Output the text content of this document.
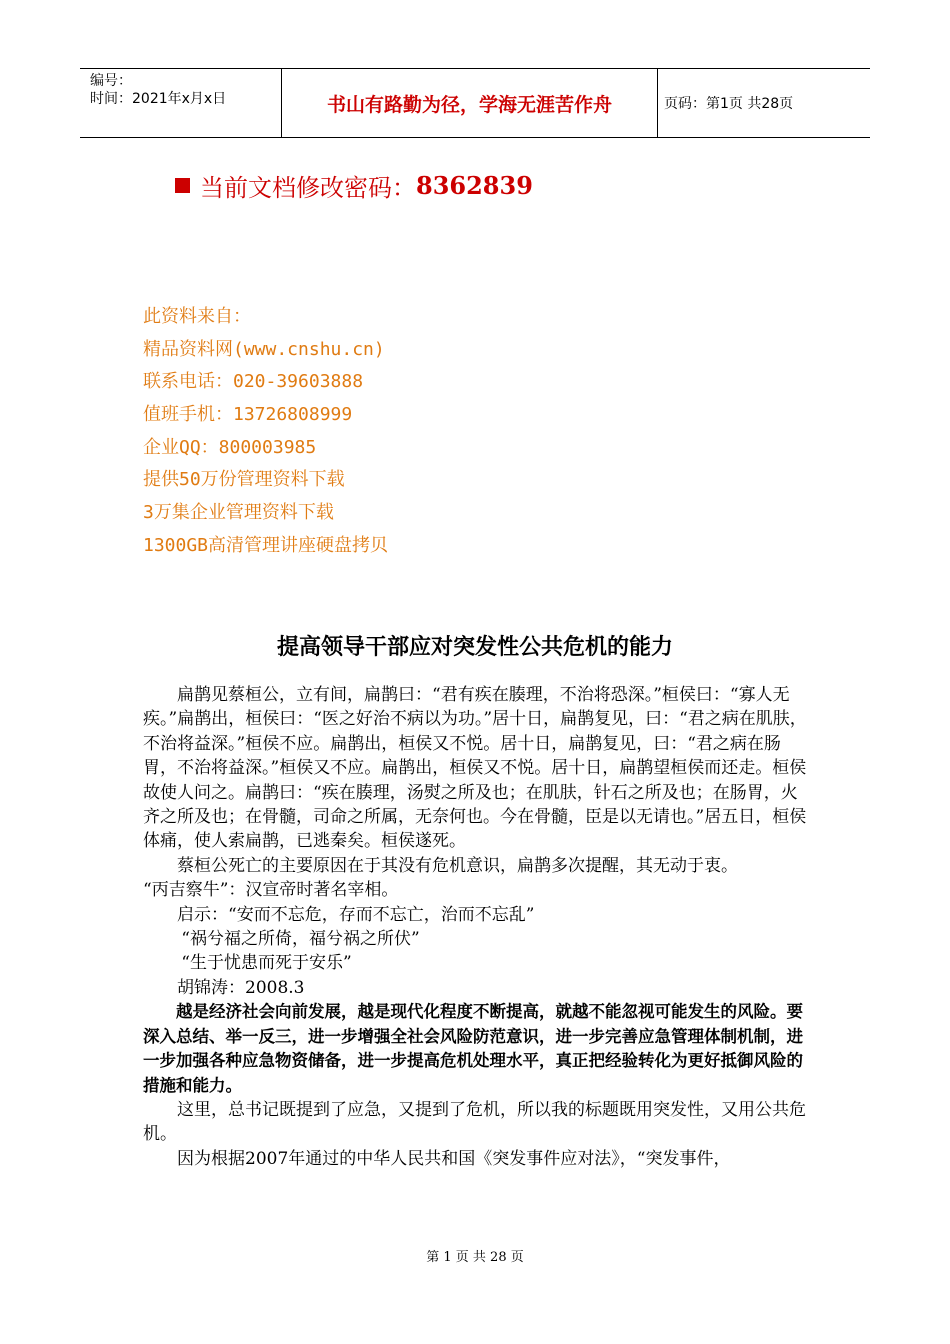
编号：
时间：2021年x月x日	书山有路勤为径，学海无涯苦作舟	页码：第1页 共28页
当前文档修改密码： 8362839
此资料来自：
精品资料网(www.cnshu.cn)
联系电话：020-39603888
值班手机：13726808999
企业QQ：800003985
提供50万份管理资料下载
3万集企业管理资料下载
1300GB高清管理讲座硬盘拷贝
提高领导干部应对突发性公共危机的能力

扁鹊见蔡桓公，立有间，扁鹊曰：“君有疾在腠理，不治将恐深。”桓侯曰：“寡人无疾。”扁鹊出，桓侯曰：“医之好治不病以为功。”居十日，扁鹊复见，曰：“君之病在肌肤，不治将益深。”桓侯不应。扁鹊出，桓侯又不悦。居十日，扁鹊复见，曰：“君之病在肠胃，不治将益深。”桓侯又不应。扁鹊出，桓侯又不悦。居十日，扁鹊望桓侯而还走。桓侯故使人问之。扁鹊曰：“疾在腠理，汤熨之所及也；在肌肤，针石之所及也；在肠胃，火齐之所及也；在骨髓，司命之所属，无奈何也。今在骨髓，臣是以无请也。”居五日，桓侯体痛，使人索扁鹊，已逃秦矣。桓侯遂死。

蔡桓公死亡的主要原因在于其没有危机意识，扁鹊多次提醒，其无动于衷。

“丙吉察牛”：汉宣帝时著名宰相。

启示：“安而不忘危，存而不忘亡，治而不忘乱”

“祸兮福之所倚，福兮祸之所伏”

“生于忧患而死于安乐”

胡锦涛：2008.3

越是经济社会向前发展，越是现代化程度不断提高，就越不能忽视可能发生的风险。要深入总结、举一反三，进一步增强全社会风险防范意识，进一步完善应急管理体制机制，进一步加强各种应急物资储备，进一步提高危机处理水平，真正把经验转化为更好抵御风险的措施和能力。

这里，总书记既提到了应急，又提到了危机，所以我的标题既用突发性，又用公共危机。

因为根据2007年通过的中华人民共和国《突发事件应对法》，“突发事件，

第 1 页 共 28 页
